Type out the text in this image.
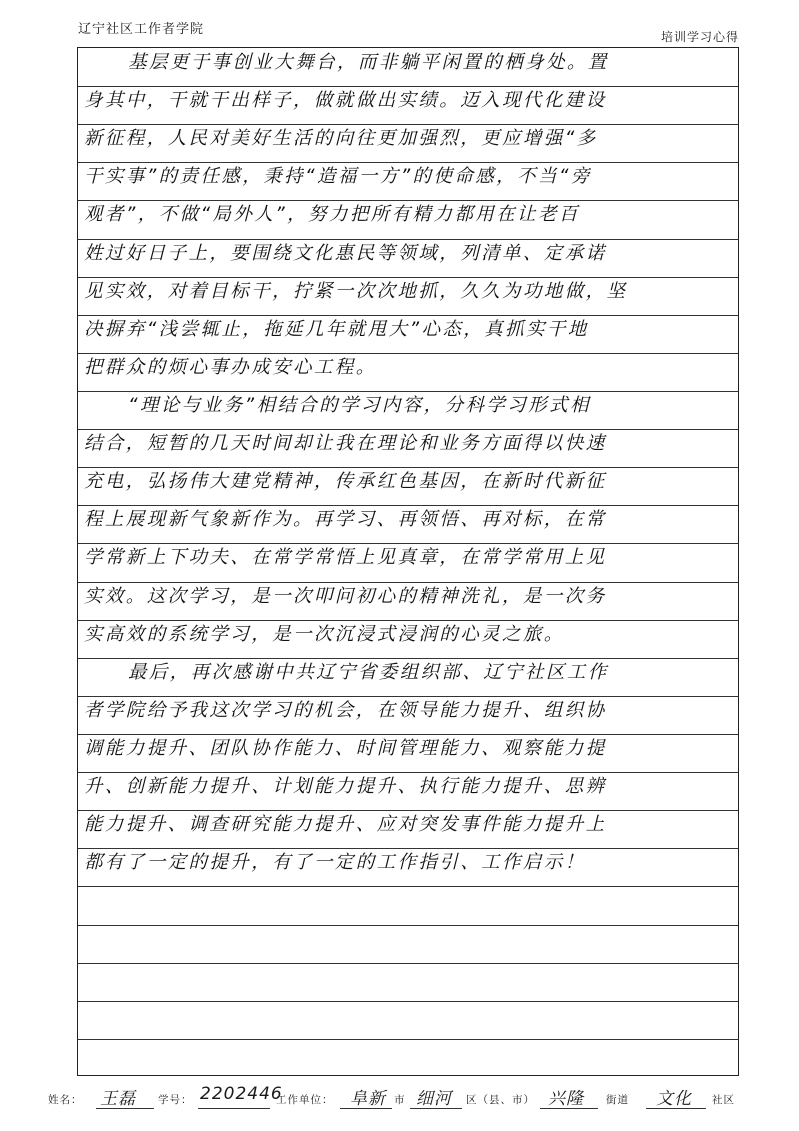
辽宁社区工作者学院	培训学习心得
基层更于事创业大舞台，而非躺平闲置的栖身处。置
身其中，干就干出样子，做就做出实绩。迈入现代化建设
新征程，人民对美好生活的向往更加强烈，更应增强“多
干实事”的责任感，秉持“造福一方”的使命感，不当“旁
观者”，不做“局外人”，努力把所有精力都用在让老百
姓过好日子上，要围绕文化惠民等领域，列清单、定承诺
见实效，对着目标干，拧紧一次次地抓，久久为功地做，坚
决摒弃“浅尝辄止，拖延几年就甩大”心态，真抓实干地
把群众的烦心事办成安心工程。
“理论与业务”相结合的学习内容，分科学习形式相
结合，短暂的几天时间却让我在理论和业务方面得以快速
充电，弘扬伟大建党精神，传承红色基因，在新时代新征
程上展现新气象新作为。再学习、再领悟、再对标，在常
学常新上下功夫、在常学常悟上见真章，在常学常用上见
实效。这次学习，是一次叩问初心的精神洗礼，是一次务
实高效的系统学习，是一次沉浸式浸润的心灵之旅。
最后，再次感谢中共辽宁省委组织部、辽宁社区工作
者学院给予我这次学习的机会，在领导能力提升、组织协
调能力提升、团队协作能力、时间管理能力、观察能力提
升、创新能力提升、计划能力提升、执行能力提升、思辨
能力提升、调查研究能力提升、应对突发事件能力提升上
都有了一定的提升，有了一定的工作指引、工作启示！
姓名： 王磊 学号： 2202446
工作单位： 阜新 市 细河 区（县、市） 兴隆 街道 文化 社区
